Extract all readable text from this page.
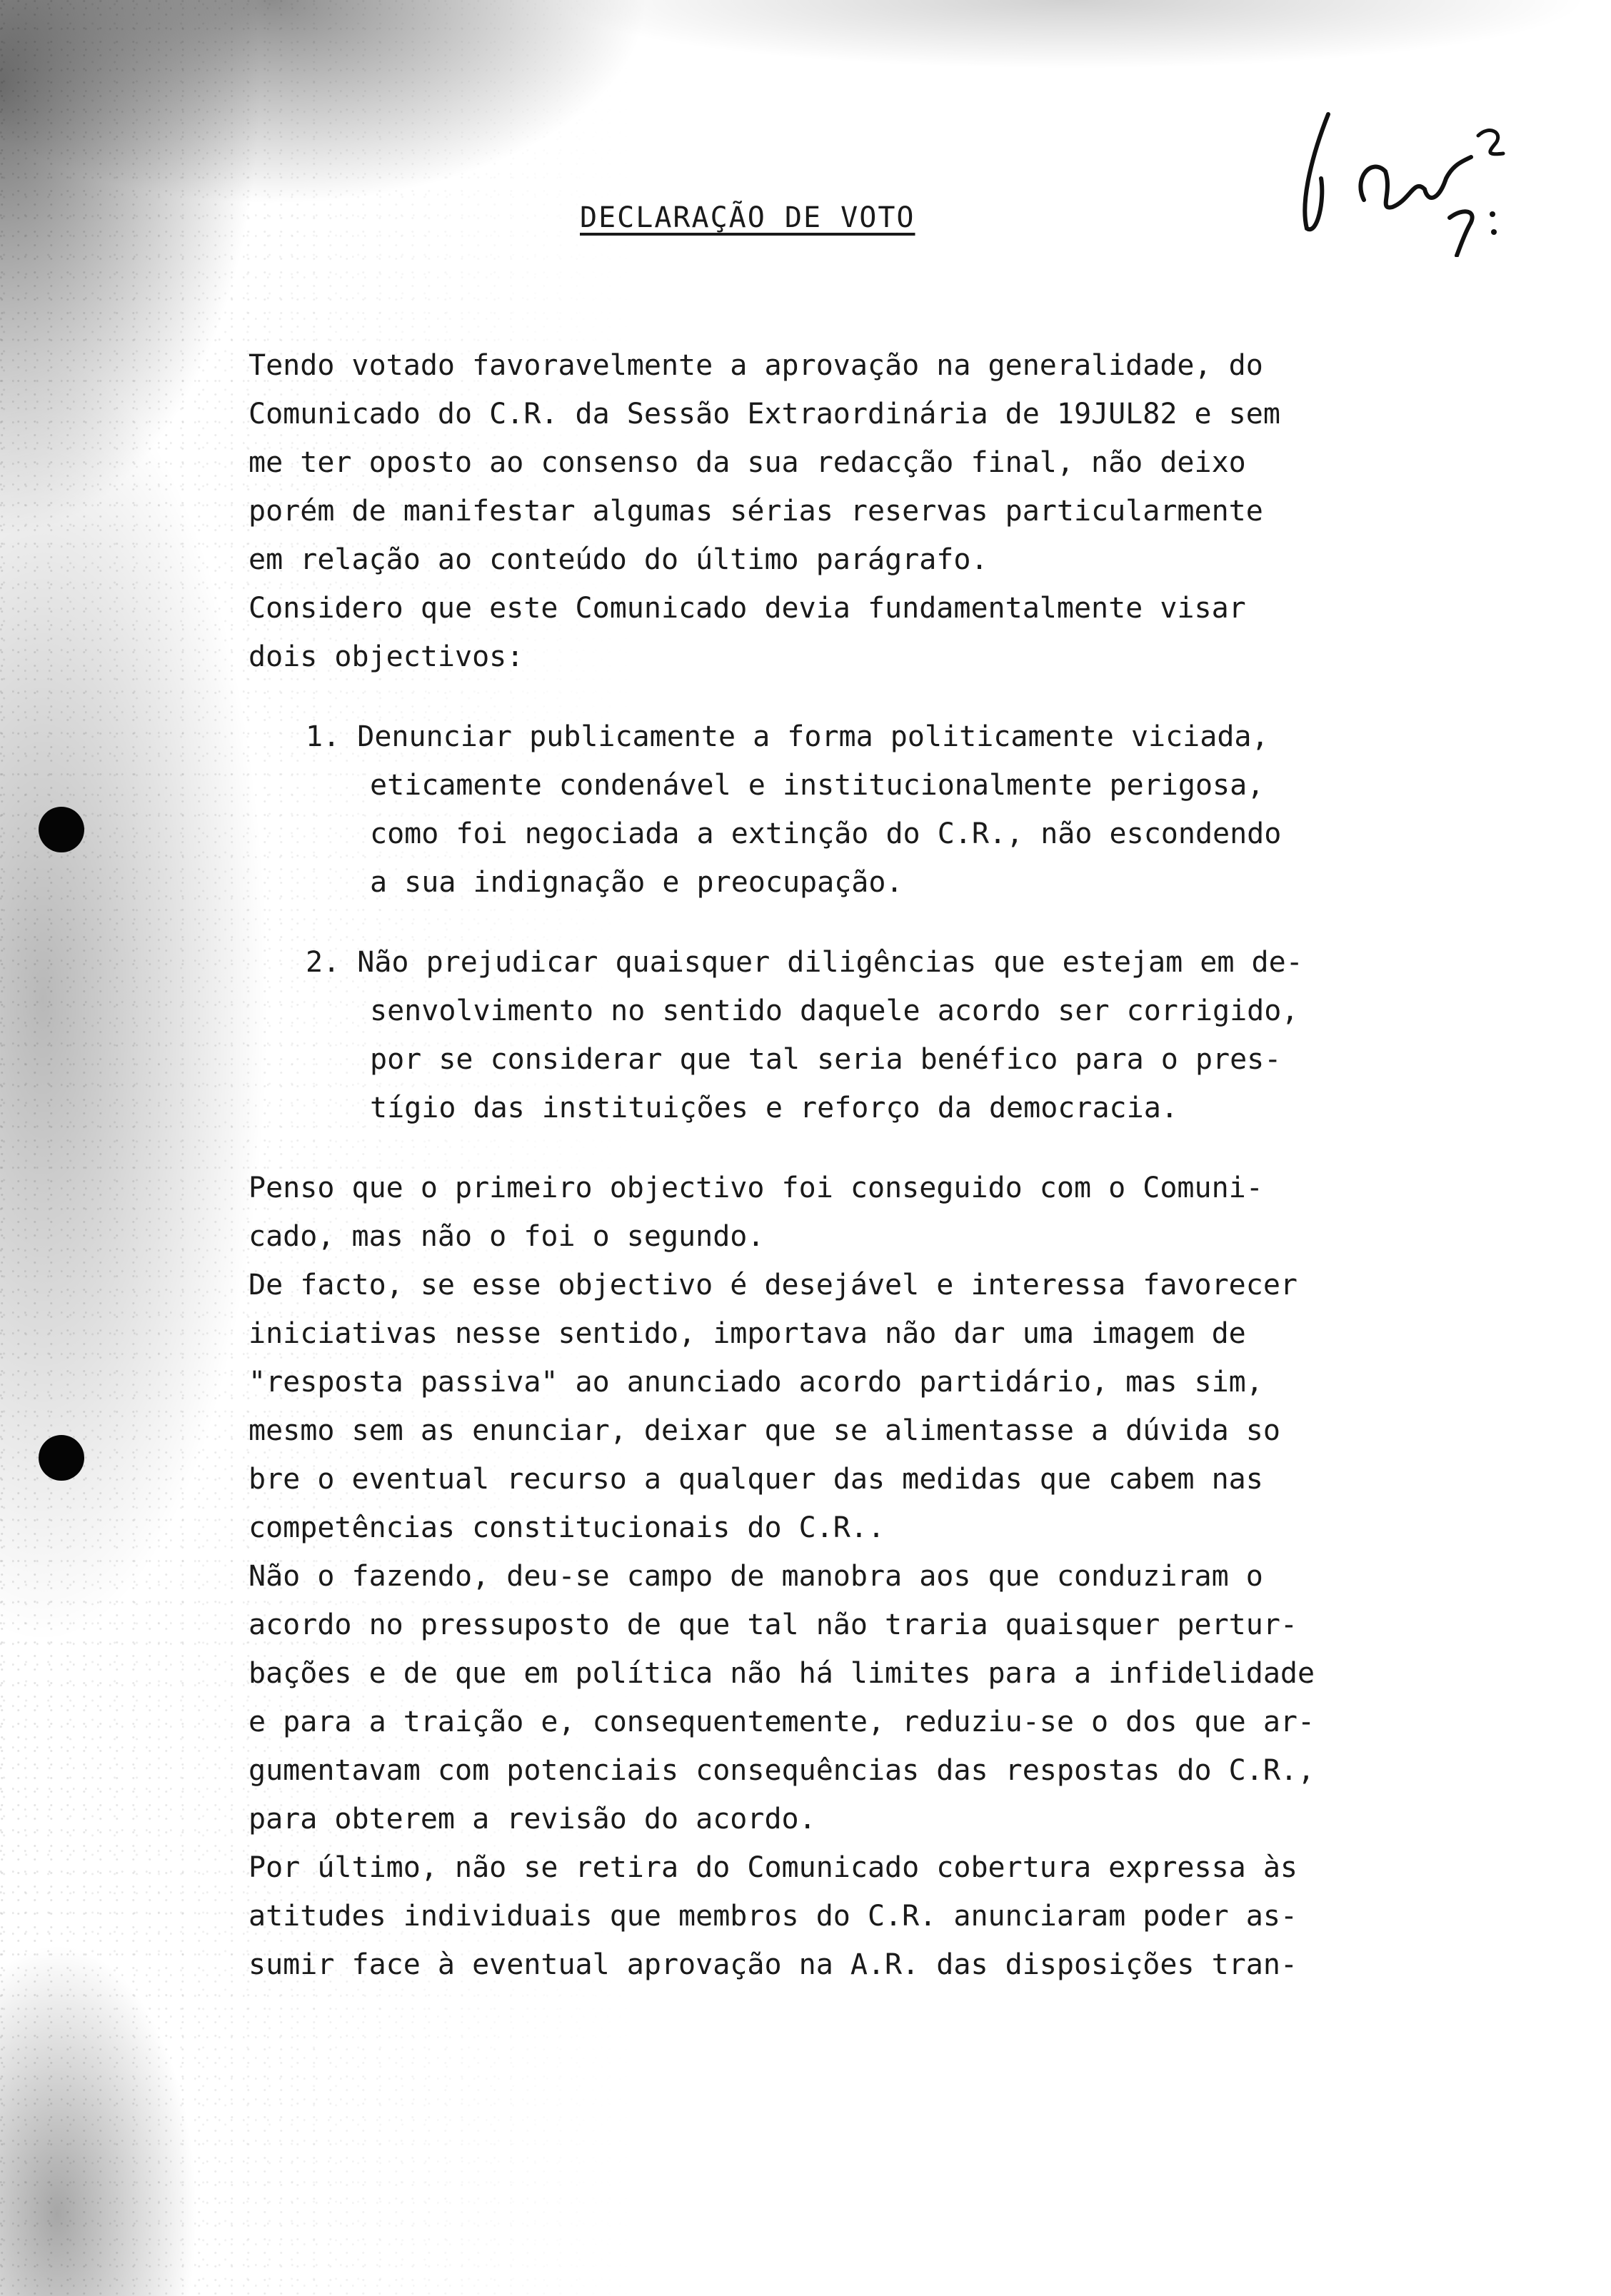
DECLARAÇÃO DE VOTO

Tendo votado favoravelmente a aprovação na generalidade, do

Comunicado do C.R. da Sessão Extraordinária de 19JUL82 e sem

me ter oposto ao consenso da sua redacção final, não deixo

porém de manifestar algumas sérias reservas particularmente

em relação ao conteúdo do último parágrafo.

Considero que este Comunicado devia fundamentalmente visar

dois objectivos:

1. Denunciar publicamente a forma politicamente viciada,

eticamente condenável e institucionalmente perigosa,

como foi negociada a extinção do C.R., não escondendo

a sua indignação e preocupação.

2. Não prejudicar quaisquer diligências que estejam em de-

senvolvimento no sentido daquele acordo ser corrigido,

por se considerar que tal seria benéfico para o pres-

tígio das instituições e reforço da democracia.

Penso que o primeiro objectivo foi conseguido com o Comuni-

cado, mas não o foi o segundo.

De facto, se esse objectivo é desejável e interessa favorecer

iniciativas nesse sentido, importava não dar uma imagem de

"resposta passiva" ao anunciado acordo partidário, mas sim,

mesmo sem as enunciar, deixar que se alimentasse a dúvida so

bre o eventual recurso a qualquer das medidas que cabem nas

competências constitucionais do C.R..

Não o fazendo, deu-se campo de manobra aos que conduziram o

acordo no pressuposto de que tal não traria quaisquer pertur-

bações e de que em política não há limites para a infidelidade

e para a traição e, consequentemente, reduziu-se o dos que ar-

gumentavam com potenciais consequências das respostas do C.R.,

para obterem a revisão do acordo.

Por último, não se retira do Comunicado cobertura expressa às

atitudes individuais que membros do C.R. anunciaram poder as-

sumir face à eventual aprovação na A.R. das disposições tran-
